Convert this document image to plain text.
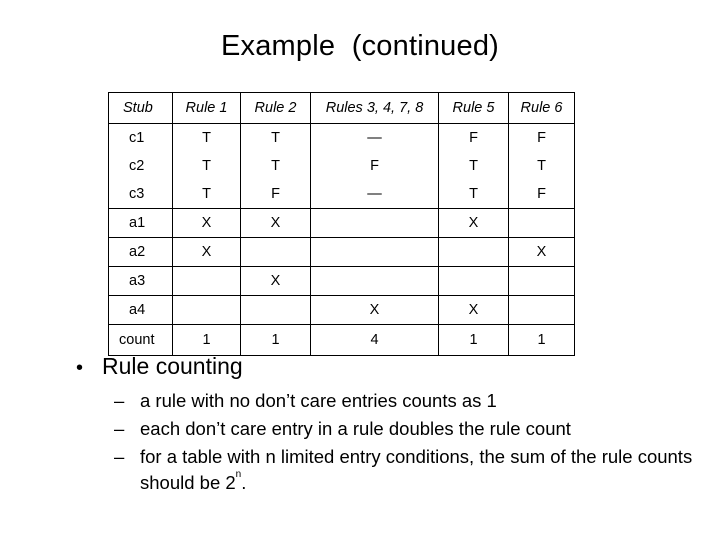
Example  (continued)
Stub	Rule 1	Rule 2	Rules 3, 4, 7, 8	Rule 5	Rule 6
c1	T	T	—	F	F
c2	T	T	F	T	T
c3	T	F	—	T	F
a1	X	X		X	
a2	X				X
a3		X			
a4			X	X	
count	1	1	4	1	1
• Rule counting
– a rule with no don’t care entries counts as 1
– each don’t care entry in a rule doubles the rule count
– for a table with n limited entry conditions, the sum of the rule counts should be 2$^n$.
